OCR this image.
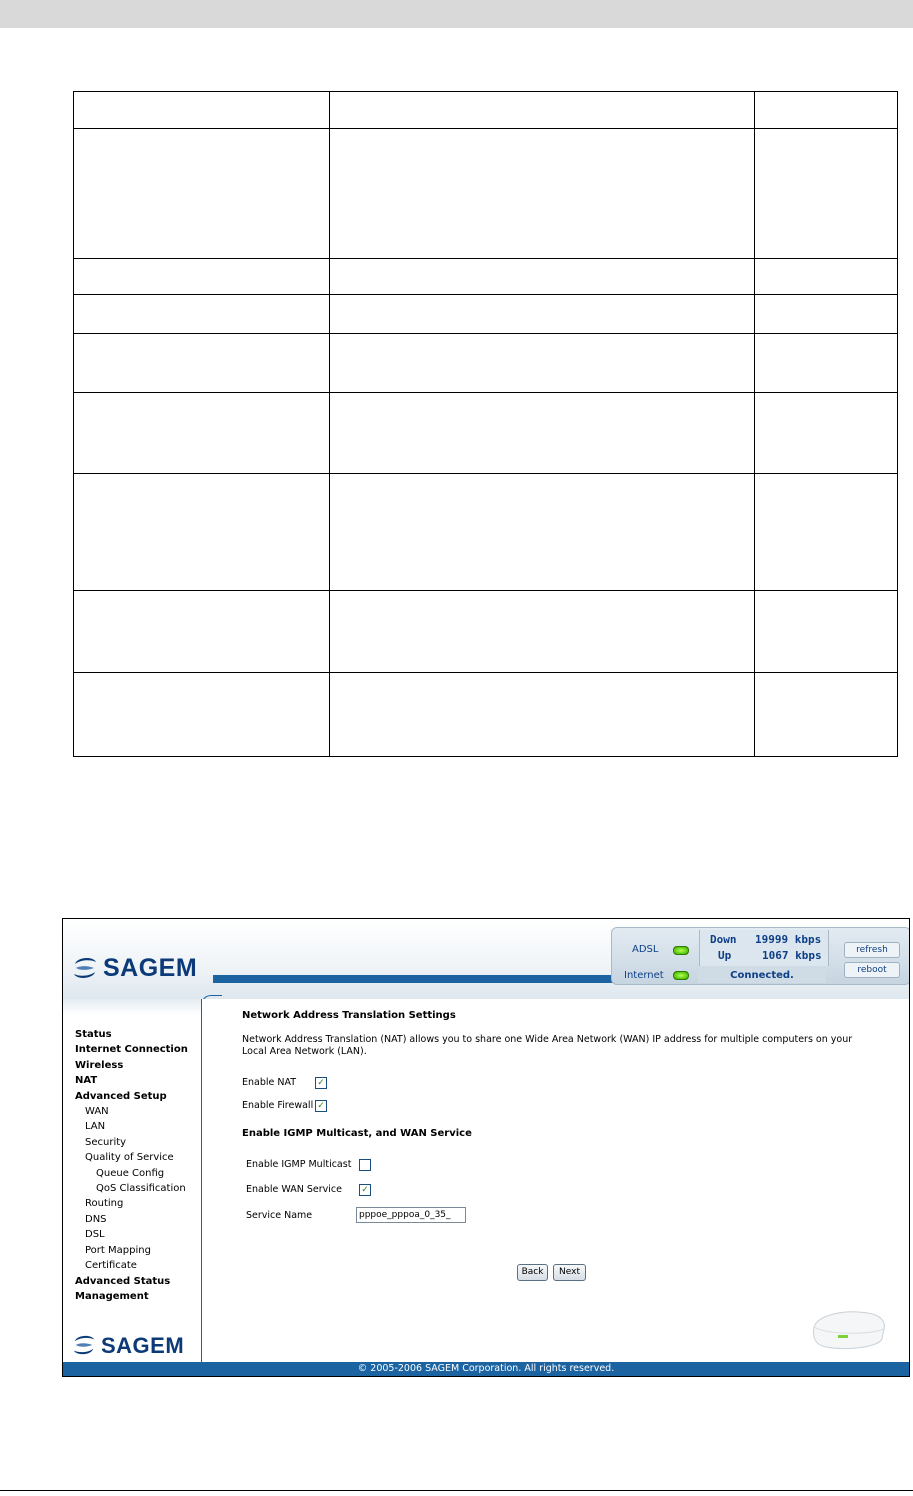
SAGEM
ADSL
Internet
Down 19999 kbps
Up	1067 kbps
Connected.
refresh
reboot
Status
Internet Connection
Wireless
NAT
Advanced Setup
WAN
LAN
Security
Quality of Service
Queue Config
QoS Classification
Routing
DNS
DSL
Port Mapping
Certificate
Advanced Status
Management
SAGEM
Network Address Translation Settings
Network Address Translation (NAT) allows you to share one Wide Area Network (WAN) IP address for multiple computers on your
Local Area Network (LAN).
Enable NAT ✓
Enable Firewall ✓
Enable IGMP Multicast, and WAN Service
Enable IGMP Multicast
Enable WAN Service ✓
Service Name	pppoe_pppoa_0_35_
Back	Next
© 2005-2006 SAGEM Corporation. All rights reserved.
